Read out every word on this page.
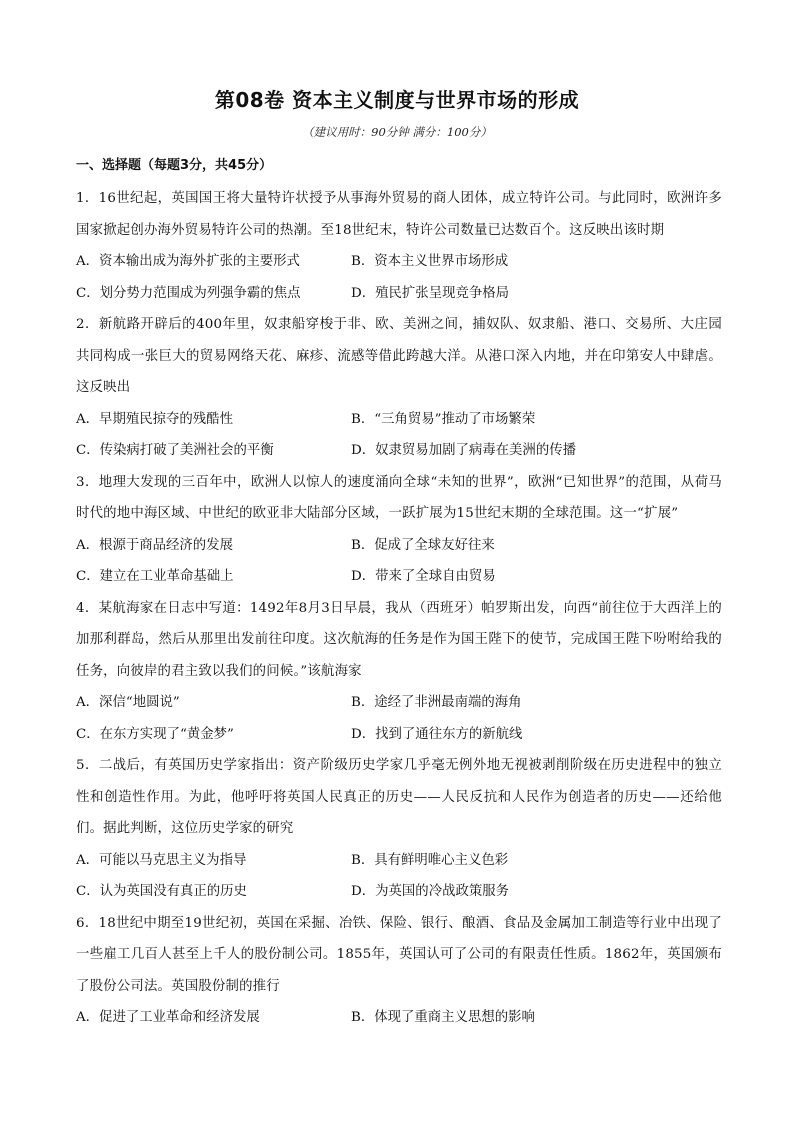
第08卷 资本主义制度与世界市场的形成
（建议用时：90分钟 满分：100分）
一、选择题（每题3分，共45分）

1．16世纪起，英国国王将大量特许状授予从事海外贸易的商人团体，成立特许公司。与此同时，欧洲许多国家掀起创办海外贸易特许公司的热潮。至18世纪末，特许公司数量已达数百个。这反映出该时期

A．资本输出成为海外扩张的主要形式	B．资本主义世界市场形成
C．划分势力范围成为列强争霸的焦点	D．殖民扩张呈现竞争格局

2．新航路开辟后的400年里，奴隶船穿梭于非、欧、美洲之间，捕奴队、奴隶船、港口、交易所、大庄园共同构成一张巨大的贸易网络天花、麻疹、流感等借此跨越大洋。从港口深入内地，并在印第安人中肆虐。这反映出

A．早期殖民掠夺的残酷性	B．“三角贸易”推动了市场繁荣
C．传染病打破了美洲社会的平衡	D．奴隶贸易加剧了病毒在美洲的传播

3．地理大发现的三百年中，欧洲人以惊人的速度涌向全球“未知的世界”，欧洲“已知世界”的范围，从荷马时代的地中海区域、中世纪的欧亚非大陆部分区域，一跃扩展为15世纪末期的全球范围。这一“扩展”

A．根源于商品经济的发展	B．促成了全球友好往来
C．建立在工业革命基础上	D．带来了全球自由贸易

4．某航海家在日志中写道：1492年8月3日早晨，我从（西班牙）帕罗斯出发，向西“前往位于大西洋上的加那利群岛，然后从那里出发前往印度。这次航海的任务是作为国王陛下的使节，完成国王陛下吩咐给我的任务，向彼岸的君主致以我们的问候。”该航海家

A．深信“地圆说”	B．途经了非洲最南端的海角
C．在东方实现了“黄金梦”	D．找到了通往东方的新航线

5．二战后，有英国历史学家指出：资产阶级历史学家几乎毫无例外地无视被剥削阶级在历史进程中的独立性和创造性作用。为此，他呼吁将英国人民真正的历史——人民反抗和人民作为创造者的历史——还给他们。据此判断，这位历史学家的研究

A．可能以马克思主义为指导	B．具有鲜明唯心主义色彩
C．认为英国没有真正的历史	D．为英国的冷战政策服务

6．18世纪中期至19世纪初，英国在采掘、冶铁、保险、银行、酿酒、食品及金属加工制造等行业中出现了一些雇工几百人甚至上千人的股份制公司。1855年，英国认可了公司的有限责任性质。1862年，英国颁布了股份公司法。英国股份制的推行

A．促进了工业革命和经济发展	B．体现了重商主义思想的影响
